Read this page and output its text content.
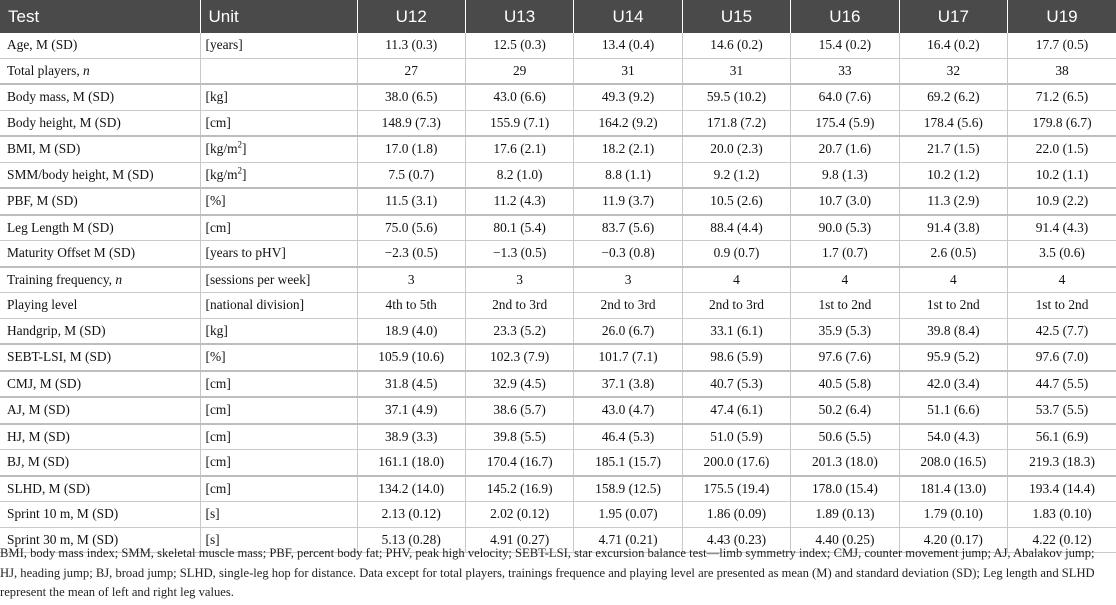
Test	Unit	U12	U13	U14	U15	U16	U17	U19
Age, M (SD)	[years]	11.3 (0.3)	12.5 (0.3)	13.4 (0.4)	14.6 (0.2)	15.4 (0.2)	16.4 (0.2)	17.7 (0.5)
Total players, n		27	29	31	31	33	32	38
Body mass, M (SD)	[kg]	38.0 (6.5)	43.0 (6.6)	49.3 (9.2)	59.5 (10.2)	64.0 (7.6)	69.2 (6.2)	71.2 (6.5)
Body height, M (SD)	[cm]	148.9 (7.3)	155.9 (7.1)	164.2 (9.2)	171.8 (7.2)	175.4 (5.9)	178.4 (5.6)	179.8 (6.7)
BMI, M (SD)	$[kg/m^2]$	17.0 (1.8)	17.6 (2.1)	18.2 (2.1)	20.0 (2.3)	20.7 (1.6)	21.7 (1.5)	22.0 (1.5)
SMM/body height, M (SD)	$[kg/m^2]$	7.5 (0.7)	8.2 (1.0)	8.8 (1.1)	9.2 (1.2)	9.8 (1.3)	10.2 (1.2)	10.2 (1.1)
PBF, M (SD)	[%]	11.5 (3.1)	11.2 (4.3)	11.9 (3.7)	10.5 (2.6)	10.7 (3.0)	11.3 (2.9)	10.9 (2.2)
Leg Length M (SD)	[cm]	75.0 (5.6)	80.1 (5.4)	83.7 (5.6)	88.4 (4.4)	90.0 (5.3)	91.4 (3.8)	91.4 (4.3)
Maturity Offset M (SD)	[years to pHV]	−2.3 (0.5)	−1.3 (0.5)	−0.3 (0.8)	0.9 (0.7)	1.7 (0.7)	2.6 (0.5)	3.5 (0.6)
Training frequency, n	[sessions per week]	3	3	3	4	4	4	4
Playing level	[national division]	4th to 5th	2nd to 3rd	2nd to 3rd	2nd to 3rd	1st to 2nd	1st to 2nd	1st to 2nd
Handgrip, M (SD)	[kg]	18.9 (4.0)	23.3 (5.2)	26.0 (6.7)	33.1 (6.1)	35.9 (5.3)	39.8 (8.4)	42.5 (7.7)
SEBT-LSI, M (SD)	[%]	105.9 (10.6)	102.3 (7.9)	101.7 (7.1)	98.6 (5.9)	97.6 (7.6)	95.9 (5.2)	97.6 (7.0)
CMJ, M (SD)	[cm]	31.8 (4.5)	32.9 (4.5)	37.1 (3.8)	40.7 (5.3)	40.5 (5.8)	42.0 (3.4)	44.7 (5.5)
AJ, M (SD)	[cm]	37.1 (4.9)	38.6 (5.7)	43.0 (4.7)	47.4 (6.1)	50.2 (6.4)	51.1 (6.6)	53.7 (5.5)
HJ, M (SD)	[cm]	38.9 (3.3)	39.8 (5.5)	46.4 (5.3)	51.0 (5.9)	50.6 (5.5)	54.0 (4.3)	56.1 (6.9)
BJ, M (SD)	[cm]	161.1 (18.0)	170.4 (16.7)	185.1 (15.7)	200.0 (17.6)	201.3 (18.0)	208.0 (16.5)	219.3 (18.3)
SLHD, M (SD)	[cm]	134.2 (14.0)	145.2 (16.9)	158.9 (12.5)	175.5 (19.4)	178.0 (15.4)	181.4 (13.0)	193.4 (14.4)
Sprint 10 m, M (SD)	[s]	2.13 (0.12)	2.02 (0.12)	1.95 (0.07)	1.86 (0.09)	1.89 (0.13)	1.79 (0.10)	1.83 (0.10)
Sprint 30 m, M (SD)	[s]	5.13 (0.28)	4.91 (0.27)	4.71 (0.21)	4.43 (0.23)	4.40 (0.25)	4.20 (0.17)	4.22 (0.12)

BMI, body mass index; SMM, skeletal muscle mass; PBF, percent body fat; PHV, peak high velocity; SEBT-LSI, star excursion balance test—limb symmetry index; CMJ, counter movement jump; AJ, Abalakov jump; HJ, heading jump; BJ, broad jump; SLHD, single-leg hop for distance. Data except for total players, trainings frequence and playing level are presented as mean (M) and standard deviation (SD); Leg length and SLHD represent the mean of left and right leg values.
